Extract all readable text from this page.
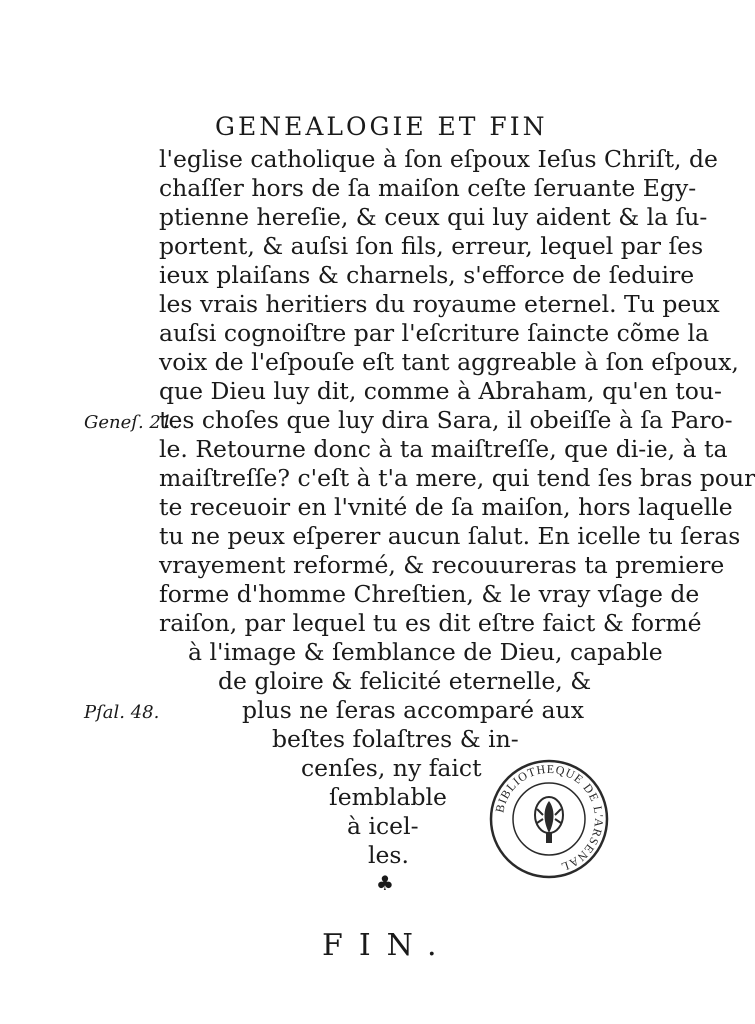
GENEALOGIE ET FIN
l'eglise catholique à ſon eſpoux Ieſus Chriſt, de
chaſſer hors de ſa maiſon ceſte ſeruante Egy-
ptienne hereſie, & ceux qui luy aident & la ſu-
portent, & auſsi ſon fils, erreur, lequel par ſes
ieux plaiſans & charnels, s'efforce de ſeduire
les vrais heritiers du royaume eternel. Tu peux
auſsi cognoiſtre par l'eſcriture ſaincte cõme la
voix de l'eſpouſe eſt tant aggreable à ſon eſpoux,
que Dieu luy dit, comme à Abraham, qu'en tou-
tes choſes que luy dira Sara, il obeiſſe à ſa Paro-
le. Retourne donc à ta maiſtreſſe, que di-ie, à ta
maiſtreſſe? c'eſt à t'a mere, qui tend ſes bras pour
te receuoir en l'vnité de ſa maiſon, hors laquelle
tu ne peux eſperer aucun ſalut. En icelle tu ſeras
vrayement reformé, & recouureras ta premiere
forme d'homme Chreſtien, & le vray vſage de
raiſon, par lequel tu es dit eſtre faict & formé
à l'image & ſemblance de Dieu, capable
de gloire & felicité eternelle, &
plus ne ſeras accomparé aux
beſtes folaſtres & in-
cenſes, ny faict
ſemblable
à icel-
les.
Geneſ. 21.
Pſal. 48.
♣
FIN.
BIBLIOTHEQUE DE L'ARSENAL
